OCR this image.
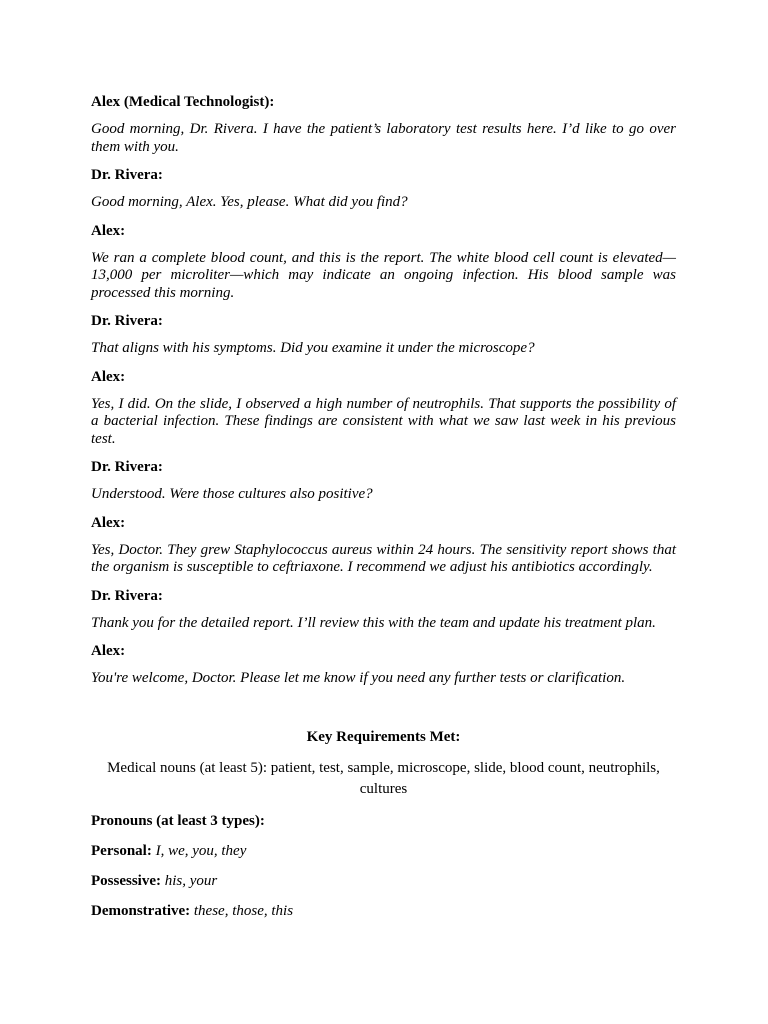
Alex (Medical Technologist):

Good morning, Dr. Rivera. I have the patient’s laboratory test results here. I’d like to go over them with you.

Dr. Rivera:

Good morning, Alex. Yes, please. What did you find?

Alex:

We ran a complete blood count, and this is the report. The white blood cell count is elevated—13,000 per microliter—which may indicate an ongoing infection. His blood sample was processed this morning.

Dr. Rivera:

That aligns with his symptoms. Did you examine it under the microscope?

Alex:

Yes, I did. On the slide, I observed a high number of neutrophils. That supports the possibility of a bacterial infection. These findings are consistent with what we saw last week in his previous test.

Dr. Rivera:

Understood. Were those cultures also positive?

Alex:

Yes, Doctor. They grew Staphylococcus aureus within 24 hours. The sensitivity report shows that the organism is susceptible to ceftriaxone. I recommend we adjust his antibiotics accordingly.

Dr. Rivera:

Thank you for the detailed report. I’ll review this with the team and update his treatment plan.

Alex:

You're welcome, Doctor. Please let me know if you need any further tests or clarification.

Key Requirements Met:

Medical nouns (at least 5): patient, test, sample, microscope, slide, blood count, neutrophils, cultures

Pronouns (at least 3 types):

Personal: I, we, you, they

Possessive: his, your

Demonstrative: these, those, this
